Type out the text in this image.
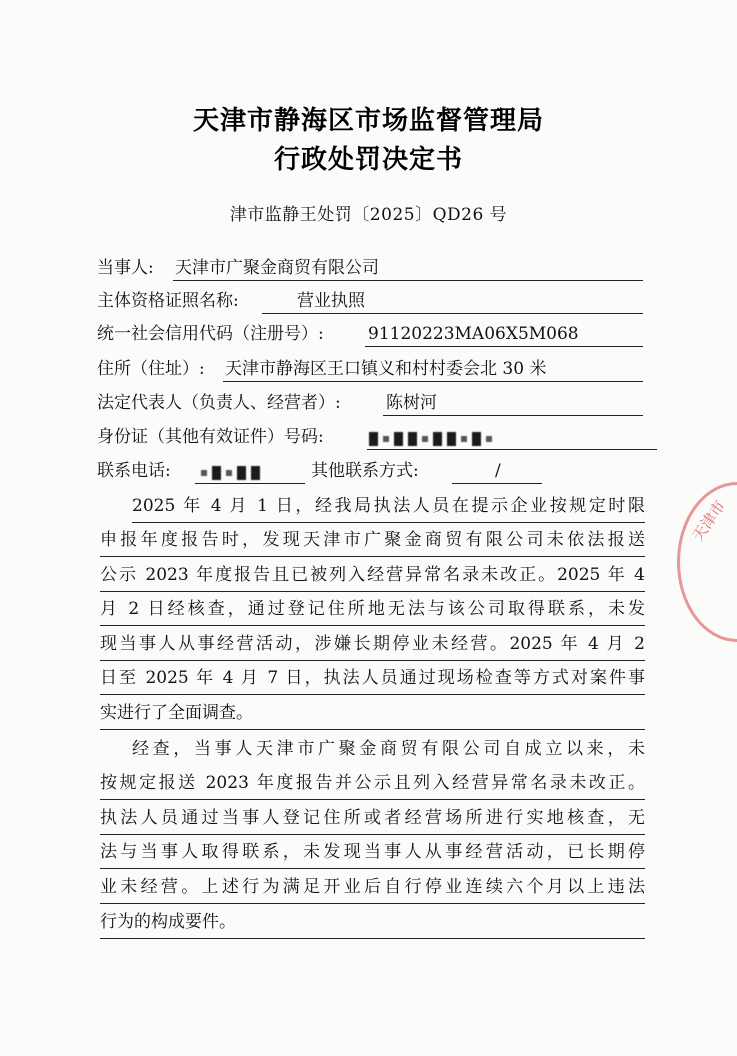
天津市静海区市场监督管理局
行政处罚决定书
津市监静王处罚〔2025〕QD26 号
当事人: 天津市广聚金商贸有限公司
主体资格证照名称:	营业执照
统一社会信用代码（注册号）:	91120223MA06X5M068
住所（住址）: 天津市静海区王口镇义和村村委会北 30 米
法定代表人（负责人、经营者）:	陈树河
身份证（其他有效证件）号码:
联系电话:	其他联系方式:	/
2025 年 4 月 1 日，经我局执法人员在提示企业按规定时限
申报年度报告时，发现天津市广聚金商贸有限公司未依法报送
公示 2023 年度报告且已被列入经营异常名录未改正。2025 年 4
月 2 日经核查，通过登记住所地无法与该公司取得联系，未发
现当事人从事经营活动，涉嫌长期停业未经营。2025 年 4 月 2
日至 2025 年 4 月 7 日，执法人员通过现场检查等方式对案件事
实进行了全面调查。
经查，当事人天津市广聚金商贸有限公司自成立以来，未
按规定报送 2023 年度报告并公示且列入经营异常名录未改正。
执法人员通过当事人登记住所或者经营场所进行实地核查，无
法与当事人取得联系，未发现当事人从事经营活动，已长期停
业未经营。上述行为满足开业后自行停业连续六个月以上违法
行为的构成要件。
天津市
